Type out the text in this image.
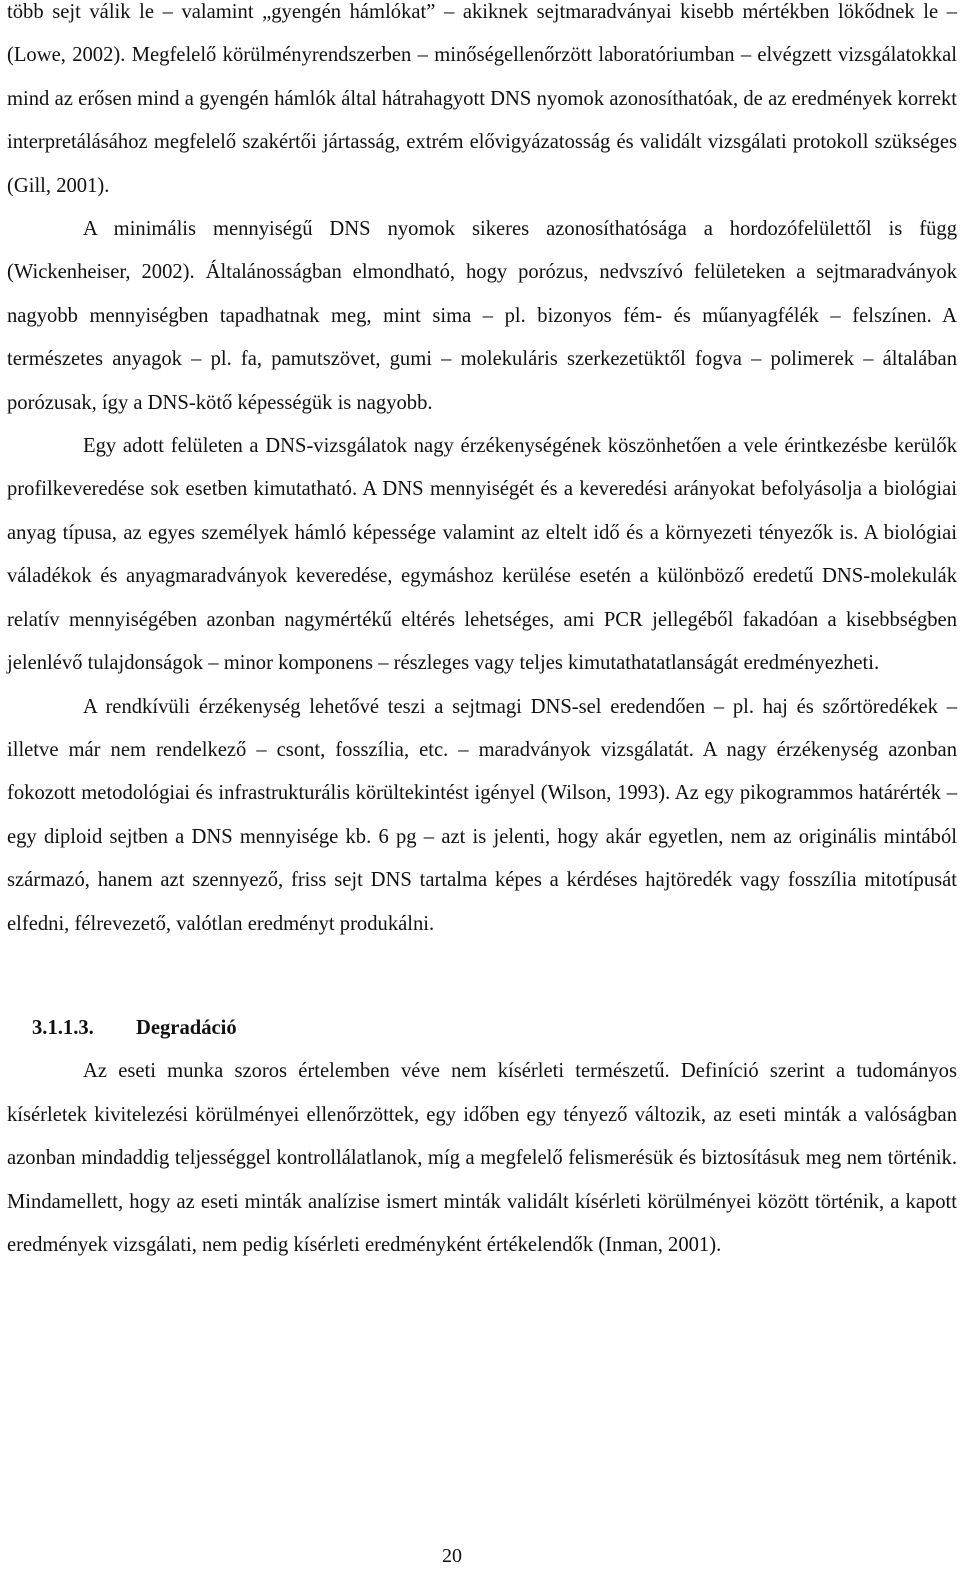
több sejt válik le – valamint „gyengén hámlókat” – akiknek sejtmaradványai kisebb mértékben lökődnek le – (Lowe, 2002). Megfelelő körülményrendszerben – minőségellenőrzött laboratóriumban – elvégzett vizsgálatokkal mind az erősen mind a gyengén hámlók által hátrahagyott DNS nyomok azonosíthatóak, de az eredmények korrekt interpretálásához megfelelő szakértői jártasság, extrém elővigyázatosság és validált vizsgálati protokoll szükséges (Gill, 2001).

A minimális mennyiségű DNS nyomok sikeres azonosíthatósága a hordozófelülettől is függ (Wickenheiser, 2002). Általánosságban elmondható, hogy porózus, nedvszívó felületeken a sejtmaradványok nagyobb mennyiségben tapadhatnak meg, mint sima – pl. bizonyos fém- és műanyagfélék – felszínen. A természetes anyagok – pl. fa, pamutszövet, gumi – molekuláris szerkezetüktől fogva – polimerek – általában porózusak, így a DNS-kötő képességük is nagyobb.

Egy adott felületen a DNS-vizsgálatok nagy érzékenységének köszönhetően a vele érintkezésbe kerülők profilkeveredése sok esetben kimutatható. A DNS mennyiségét és a keveredési arányokat befolyásolja a biológiai anyag típusa, az egyes személyek hámló képessége valamint az eltelt idő és a környezeti tényezők is. A biológiai váladékok és anyagmaradványok keveredése, egymáshoz kerülése esetén a különböző eredetű DNS-molekulák relatív mennyiségében azonban nagymértékű eltérés lehetséges, ami PCR jellegéből fakadóan a kisebbségben jelenlévő tulajdonságok – minor komponens – részleges vagy teljes kimutathatatlanságát eredményezheti.

A rendkívüli érzékenység lehetővé teszi a sejtmagi DNS-sel eredendően – pl. haj és szőrtöredékek – illetve már nem rendelkező – csont, fosszília, etc. – maradványok vizsgálatát. A nagy érzékenység azonban fokozott metodológiai és infrastrukturális körültekintést igényel (Wilson, 1993). Az egy pikogrammos határérték – egy diploid sejtben a DNS mennyisége kb. 6 pg – azt is jelenti, hogy akár egyetlen, nem az originális mintából származó, hanem azt szennyező, friss sejt DNS tartalma képes a kérdéses hajtöredék vagy fosszília mitotípusát elfedni, félrevezető, valótlan eredményt produkálni.

3.1.1.3. Degradáció

Az eseti munka szoros értelemben véve nem kísérleti természetű. Definíció szerint a tudományos kísérletek kivitelezési körülményei ellenőrzöttek, egy időben egy tényező változik, az eseti minták a valóságban azonban mindaddig teljességgel kontrollálatlanok, míg a megfelelő felismerésük és biztosításuk meg nem történik. Mindamellett, hogy az eseti minták analízise ismert minták validált kísérleti körülményei között történik, a kapott eredmények vizsgálati, nem pedig kísérleti eredményként értékelendők (Inman, 2001).

20
